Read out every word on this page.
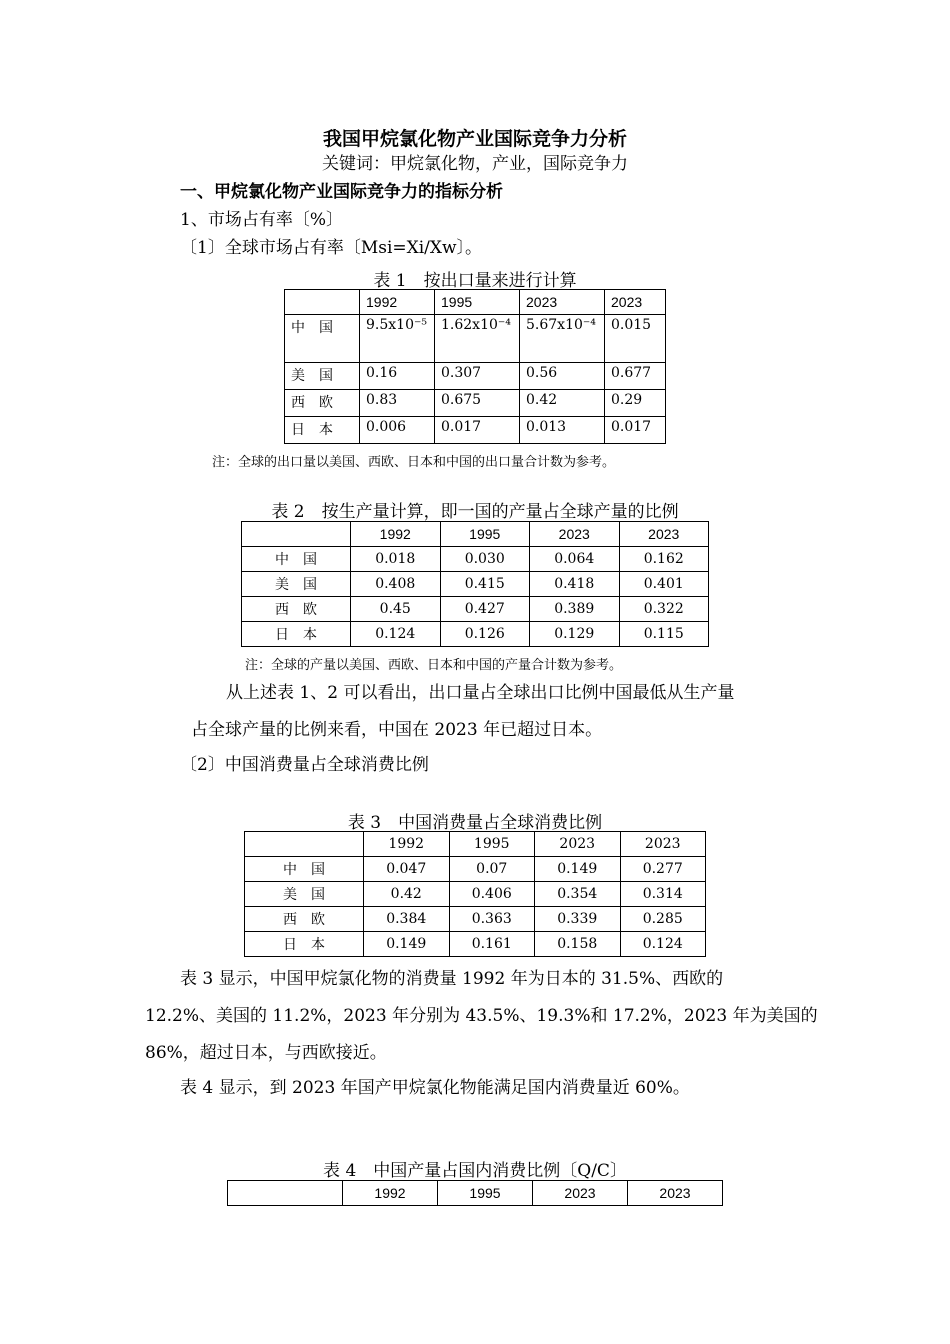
我国甲烷氯化物产业国际竞争力分析
关键词：甲烷氯化物，产业，国际竞争力
一、甲烷氯化物产业国际竞争力的指标分析
1、市场占有率〔%〕
〔1〕全球市场占有率〔Msi=Xi/Xw〕。
表 1　按出口量来进行计算
	1992	1995	2023	2023
中　国	9.5x10⁻⁵	1.62x10⁻⁴	5.67x10⁻⁴	0.015
美　国	0.16	0.307	0.56	0.677
西　欧	0.83	0.675	0.42	0.29
日　本	0.006	0.017	0.013	0.017
注：全球的出口量以美国、西欧、日本和中国的出口量合计数为参考。
表 2　按生产量计算，即一国的产量占全球产量的比例
	1992	1995	2023	2023
中　国	0.018	0.030	0.064	0.162
美　国	0.408	0.415	0.418	0.401
西　欧	0.45	0.427	0.389	0.322
日　本	0.124	0.126	0.129	0.115
注：全球的产量以美国、西欧、日本和中国的产量合计数为参考。
从上述表 1、2 可以看出，出口量占全球出口比例中国最低从生产量
占全球产量的比例来看，中国在 2023 年已超过日本。
〔2〕中国消费量占全球消费比例
表 3　中国消费量占全球消费比例
	1992	1995	2023	2023
中　国	0.047	0.07	0.149	0.277
美　国	0.42	0.406	0.354	0.314
西　欧	0.384	0.363	0.339	0.285
日　本	0.149	0.161	0.158	0.124
表 3 显示，中国甲烷氯化物的消费量 1992 年为日本的 31.5%、西欧的
12.2%、美国的 11.2%，2023 年分别为 43.5%、19.3%和 17.2%，2023 年为美国的
86%，超过日本，与西欧接近。
表 4 显示，到 2023 年国产甲烷氯化物能满足国内消费量近 60%。
表 4　中国产量占国内消费比例〔Q/C〕
	1992	1995	2023	2023
